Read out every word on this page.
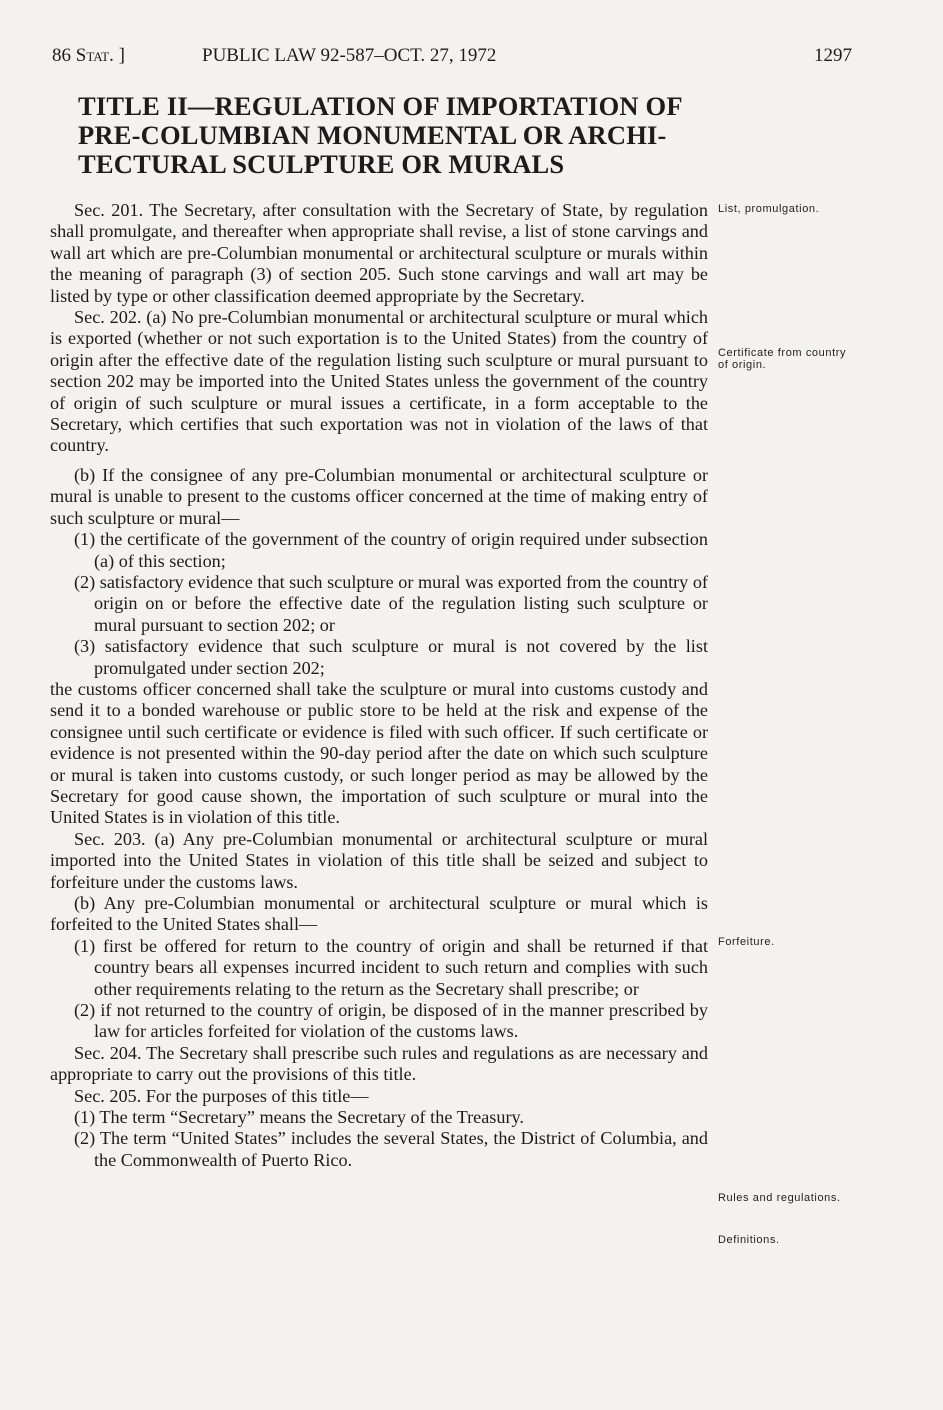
86 Stat. ]	PUBLIC LAW 92-587–OCT. 27, 1972	1297
TITLE II—REGULATION OF IMPORTATION OF
PRE-COLUMBIAN MONUMENTAL OR ARCHI-
TECTURAL SCULPTURE OR MURALS

Sec. 201. The Secretary, after consultation with the Secretary of State, by regulation shall promulgate, and thereafter when appropriate shall revise, a list of stone carvings and wall art which are pre-Columbian monumental or architectural sculpture or murals within the meaning of paragraph (3) of section 205. Such stone carvings and wall art may be listed by type or other classification deemed appropriate by the Secretary.

Sec. 202. (a) No pre-Columbian monumental or architectural sculpture or mural which is exported (whether or not such exportation is to the United States) from the country of origin after the effective date of the regulation listing such sculpture or mural pursuant to section 202 may be imported into the United States unless the government of the country of origin of such sculpture or mural issues a certificate, in a form acceptable to the Secretary, which certifies that such exportation was not in violation of the laws of that country.

(b) If the consignee of any pre-Columbian monumental or architectural sculpture or mural is unable to present to the customs officer concerned at the time of making entry of such sculpture or mural—

(1) the certificate of the government of the country of origin required under subsection (a) of this section;

(2) satisfactory evidence that such sculpture or mural was exported from the country of origin on or before the effective date of the regulation listing such sculpture or mural pursuant to section 202; or

(3) satisfactory evidence that such sculpture or mural is not covered by the list promulgated under section 202;

the customs officer concerned shall take the sculpture or mural into customs custody and send it to a bonded warehouse or public store to be held at the risk and expense of the consignee until such certificate or evidence is filed with such officer. If such certificate or evidence is not presented within the 90-day period after the date on which such sculpture or mural is taken into customs custody, or such longer period as may be allowed by the Secretary for good cause shown, the importation of such sculpture or mural into the United States is in violation of this title.

Sec. 203. (a) Any pre-Columbian monumental or architectural sculpture or mural imported into the United States in violation of this title shall be seized and subject to forfeiture under the customs laws.

(b) Any pre-Columbian monumental or architectural sculpture or mural which is forfeited to the United States shall—

(1) first be offered for return to the country of origin and shall be returned if that country bears all expenses incurred incident to such return and complies with such other requirements relating to the return as the Secretary shall prescribe; or

(2) if not returned to the country of origin, be disposed of in the manner prescribed by law for articles forfeited for violation of the customs laws.

Sec. 204. The Secretary shall prescribe such rules and regulations as are necessary and appropriate to carry out the provisions of this title.

Sec. 205. For the purposes of this title—

(1) The term “Secretary” means the Secretary of the Treasury.

(2) The term “United States” includes the several States, the District of Columbia, and the Commonwealth of Puerto Rico.

List, promulgation.
Certificate from country of origin.
Forfeiture.
Rules and regulations.
Definitions.
